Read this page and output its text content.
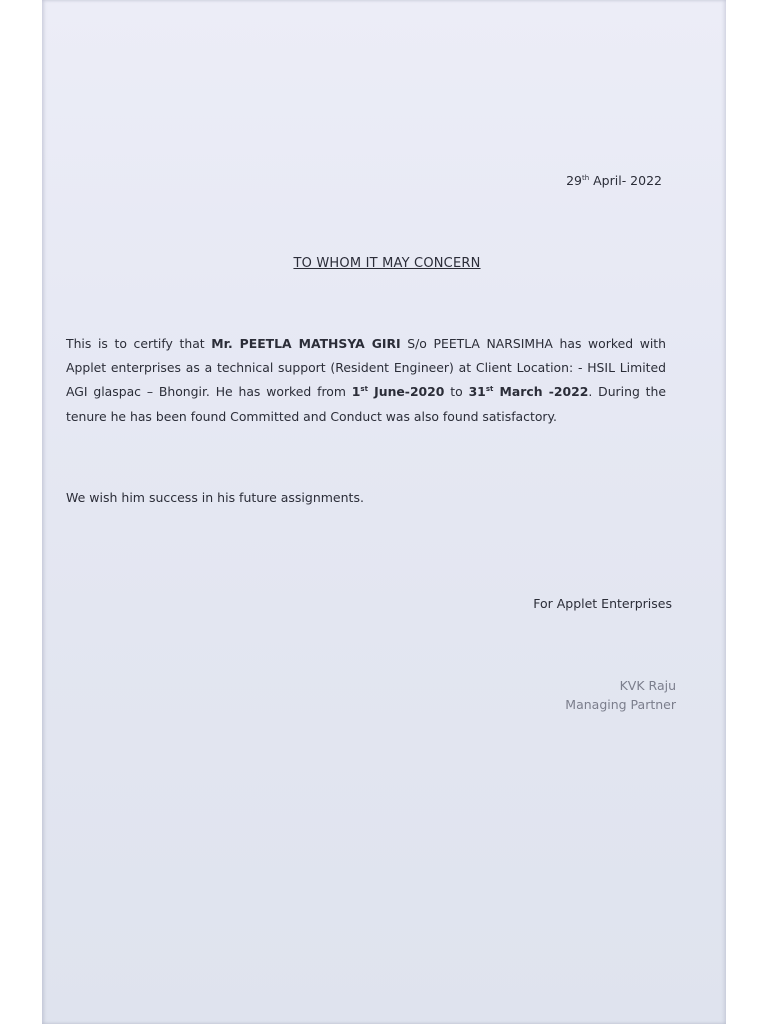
29th April- 2022
TO WHOM IT MAY CONCERN
This is to certify that Mr. PEETLA MATHSYA GIRI S/o PEETLA NARSIMHA has worked with Applet enterprises as a technical support (Resident Engineer) at Client Location: - HSIL Limited AGI glaspac – Bhongir. He has worked from 1st June-2020 to 31st March -2022. During the tenure he has been found Committed and Conduct was also found satisfactory.
We wish him success in his future assignments.
For Applet Enterprises
KVK Raju
Managing Partner
